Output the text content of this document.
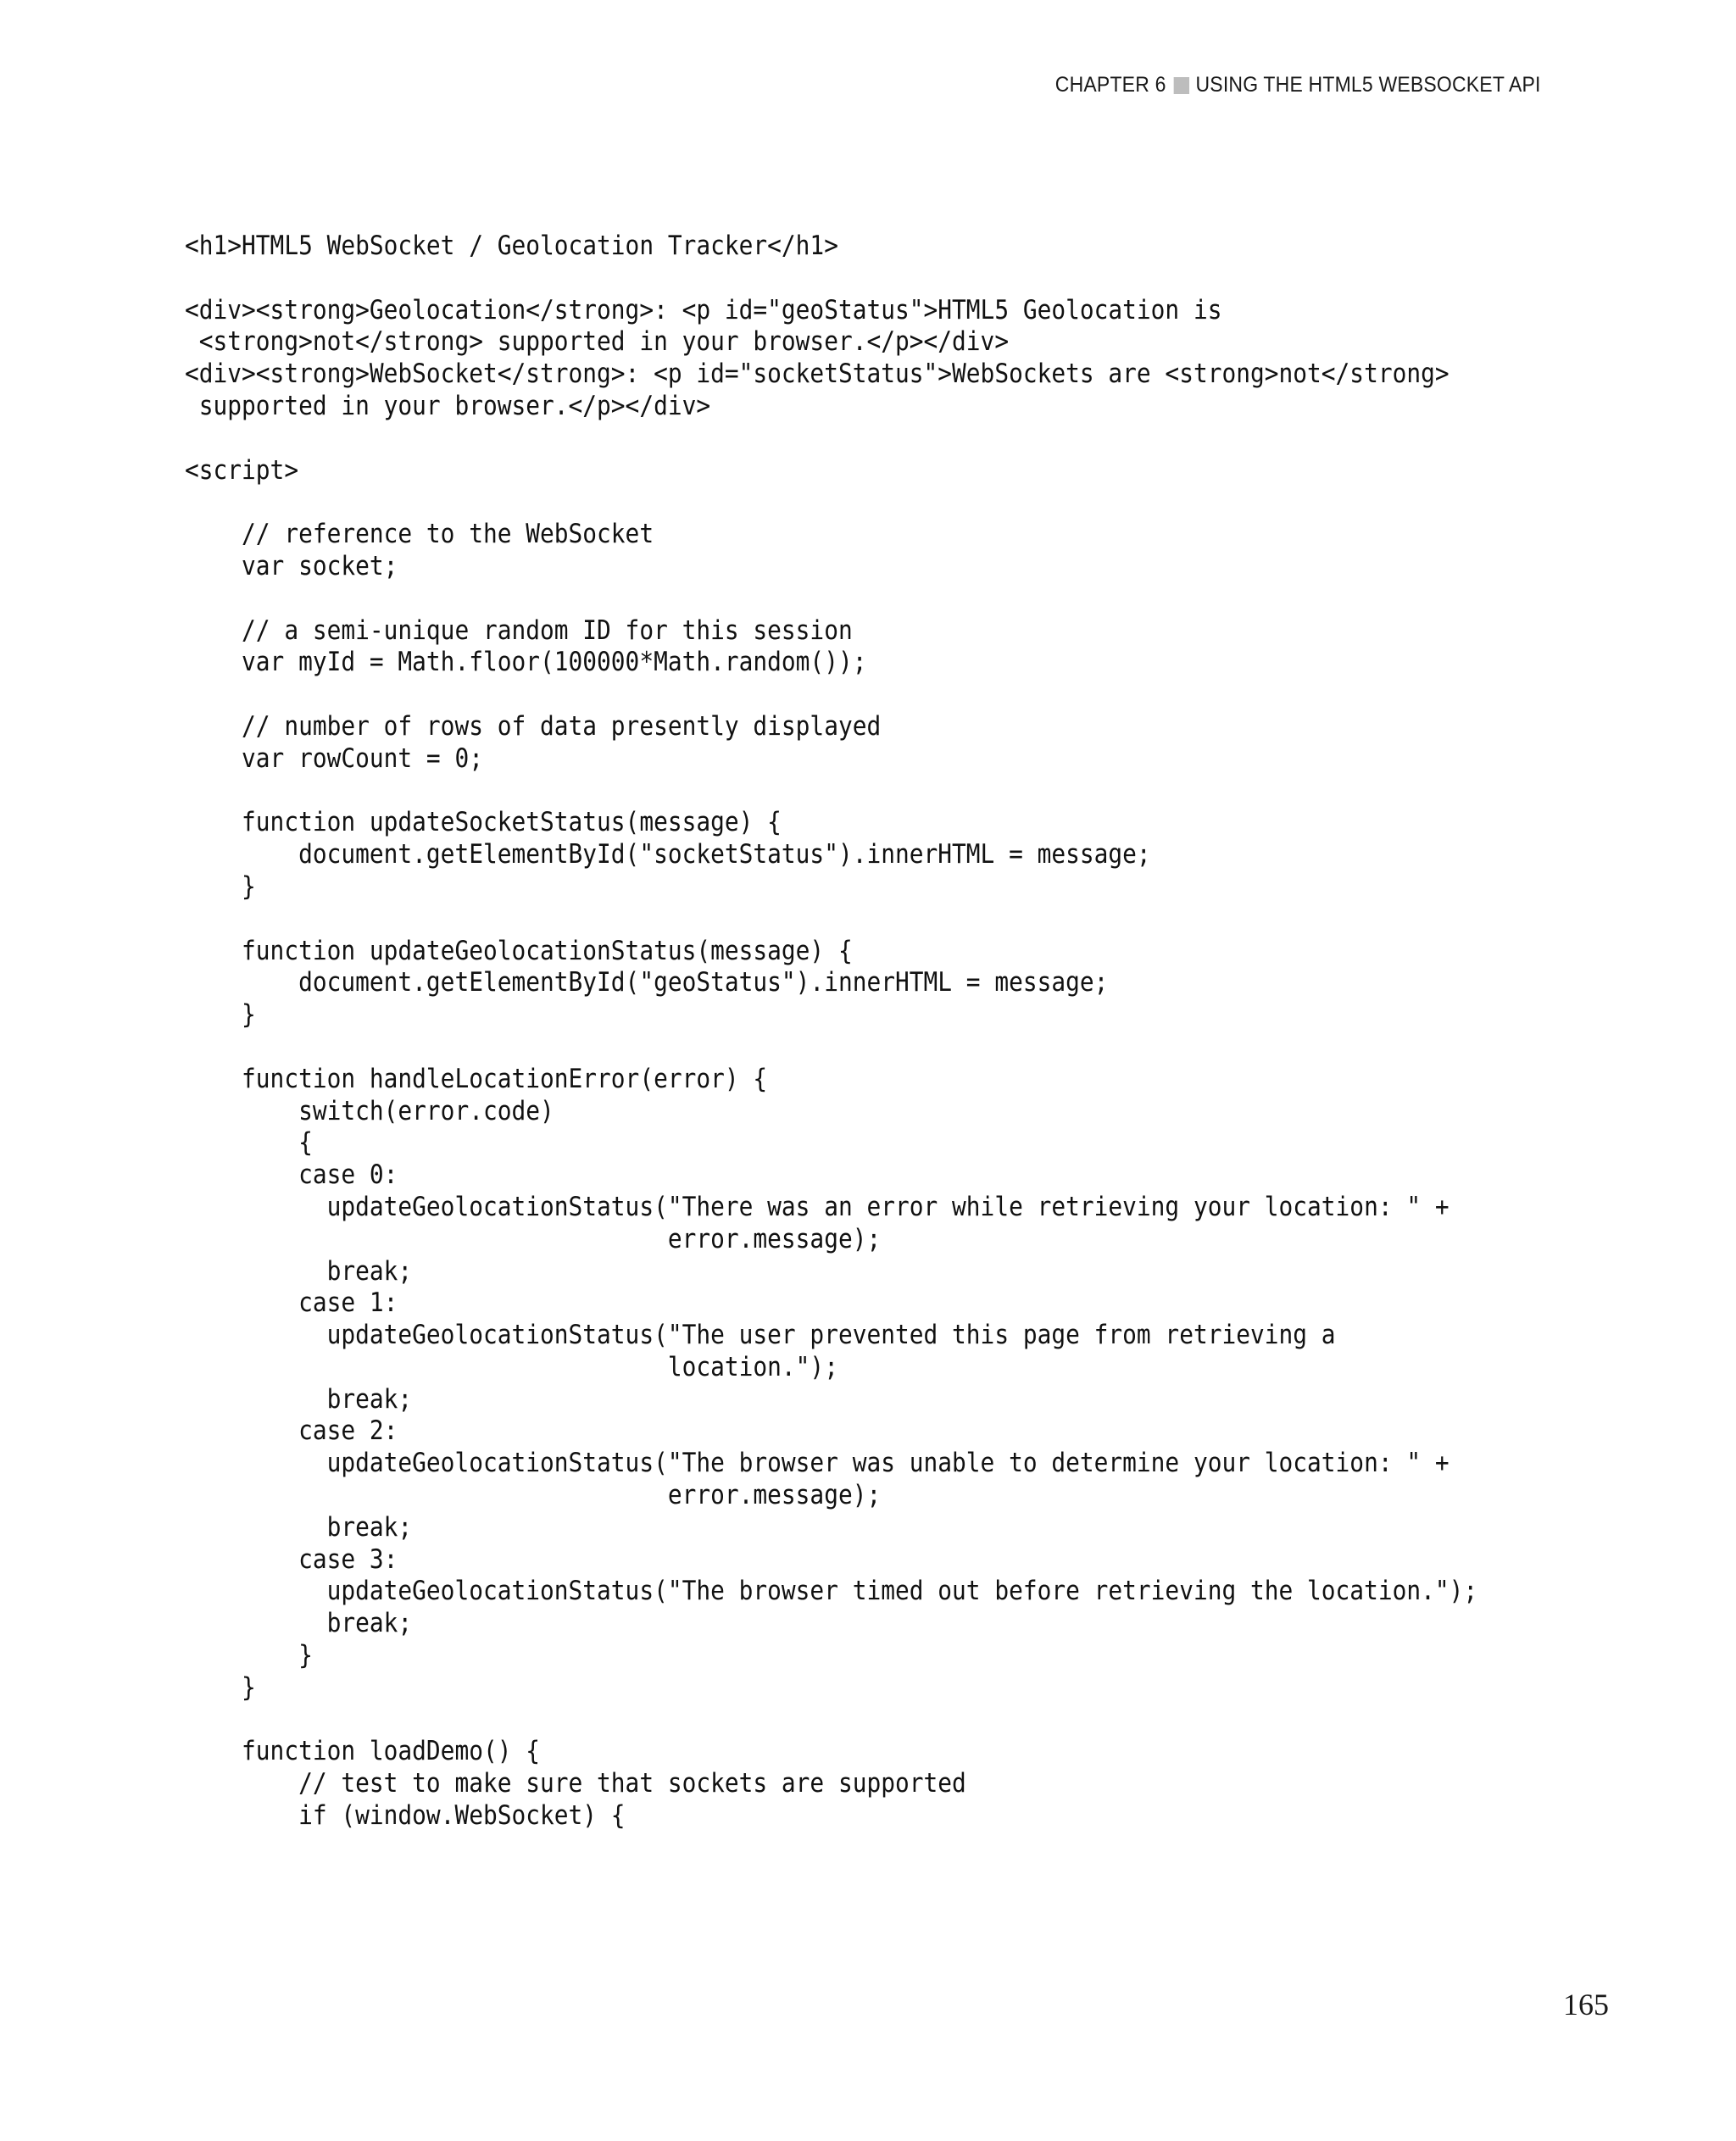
CHAPTER 6 USING THE HTML5 WEBSOCKET API
<h1>HTML5 WebSocket / Geolocation Tracker</h1>
<div><strong>Geolocation</strong>: <p id="geoStatus">HTML5 Geolocation is
<strong>not</strong> supported in your browser.</p></div>
<div><strong>WebSocket</strong>: <p id="socketStatus">WebSockets are <strong>not</strong>
supported in your browser.</p></div>
<script>
// reference to the WebSocket
var socket;
// a semi-unique random ID for this session
var myId = Math.floor(100000*Math.random());
// number of rows of data presently displayed
var rowCount = 0;
function updateSocketStatus(message) {
document.getElementById("socketStatus").innerHTML = message;
}
function updateGeolocationStatus(message) {
document.getElementById("geoStatus").innerHTML = message;
}
function handleLocationError(error) {
switch(error.code)
{
case 0:
updateGeolocationStatus("There was an error while retrieving your location: " +
error.message);
break;
case 1:
updateGeolocationStatus("The user prevented this page from retrieving a
location.");
break;
case 2:
updateGeolocationStatus("The browser was unable to determine your location: " +
error.message);
break;
case 3:
updateGeolocationStatus("The browser timed out before retrieving the location.");
break;
}
}
function loadDemo() {
// test to make sure that sockets are supported
if (window.WebSocket) {
165
